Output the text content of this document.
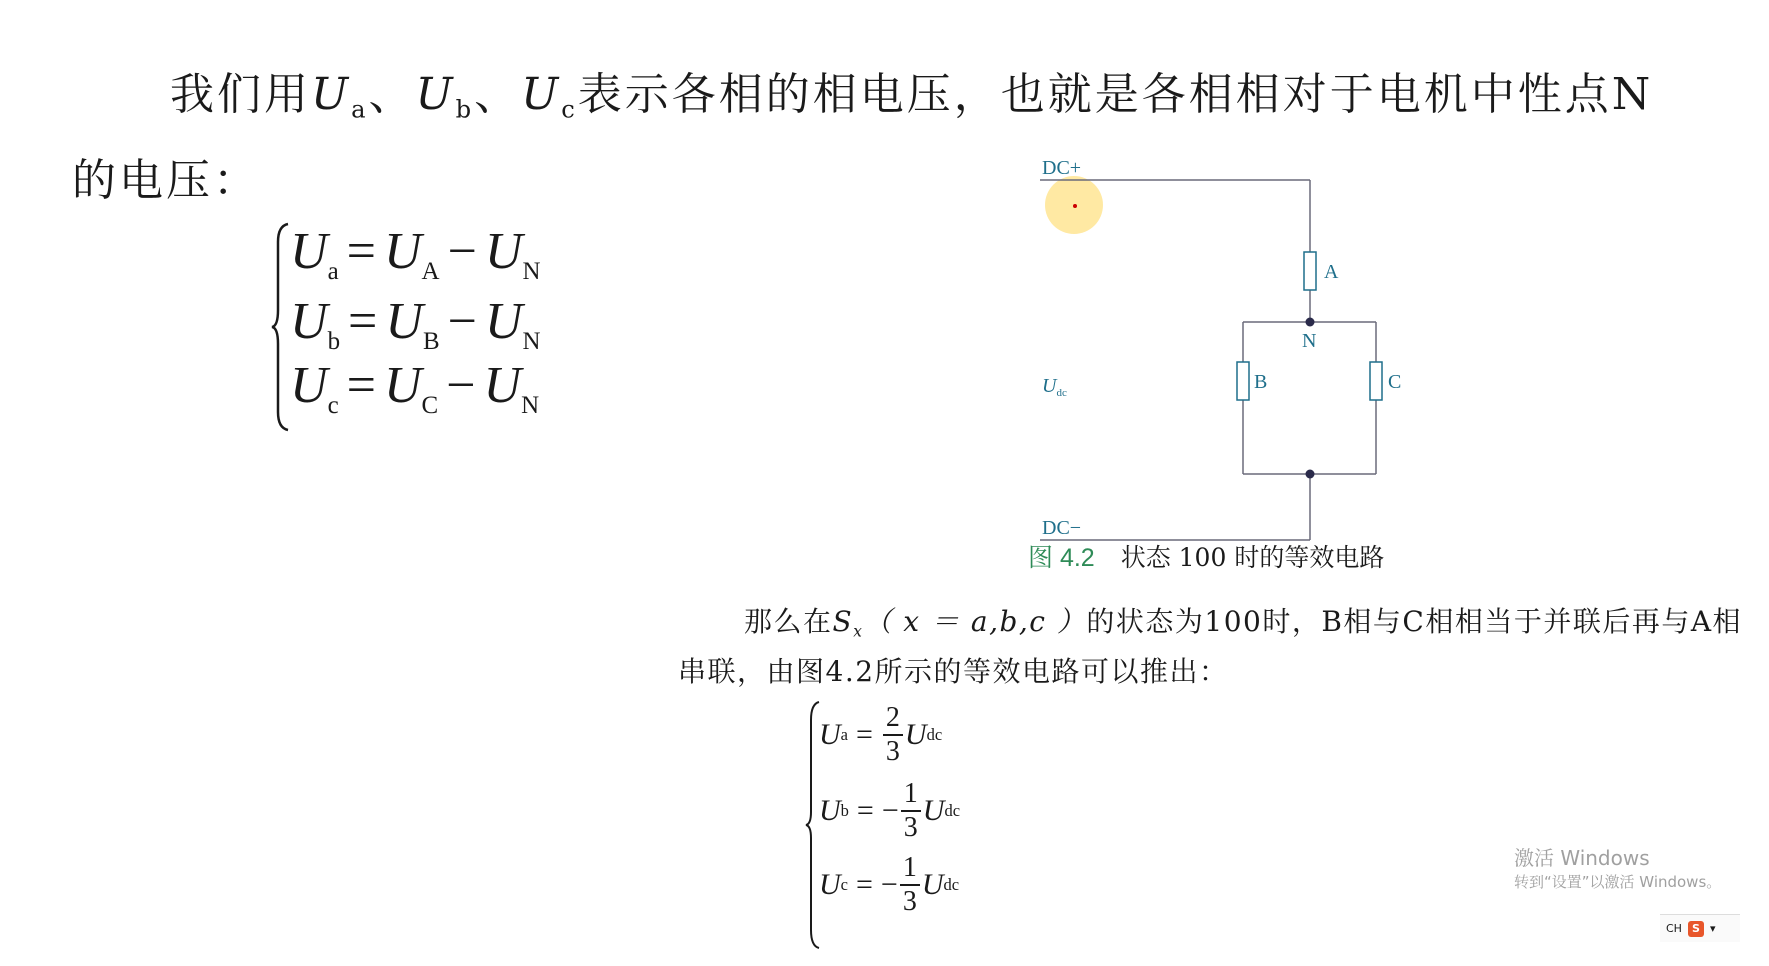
我们用$U_a$、$U_b$、$U_c$表示各相的相电压，也就是各相相对于电机中性点N
的电压：
$U_a = U_A - U_N$
$U_b = U_B - U_N$
$U_c = U_C - U_N$
DC+
DC−
$U_{dc}$
A
N
B	C
图 4.2 状态 100 时的等效电路
那么在$S_x$（ x ＝ a,b,c ）的状态为100时，B相与C相相当于并联后再与A相
串联，由图4.2所示的等效电路可以推出：
U $a = \frac{2}{3}$ U dc
U b = − $\frac{1}{3}$ U dc
U c = − $\frac{1}{3}$ U dc
激活 Windows
转到“设置”以激活 Windows。
CH S ▾
